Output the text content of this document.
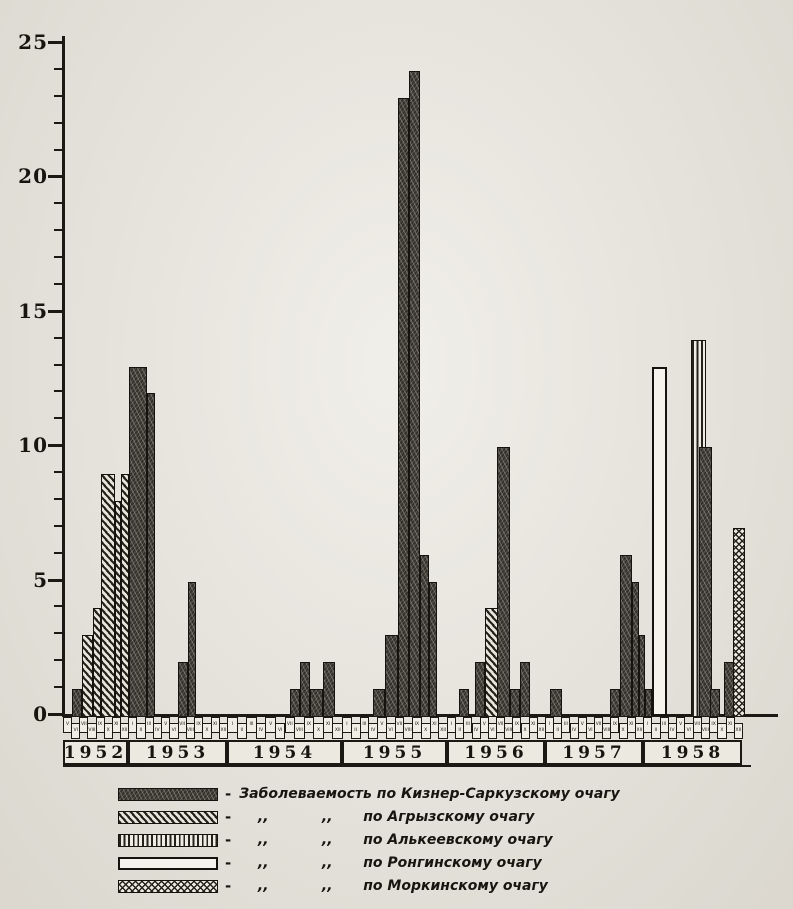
0
5
10
15
20
25
V
VI
VII
VIII
IX
X
XI
XII
1952
I
II
III
IV
V
VI
VII
VIII
IX
X
XI
XII
1953
I
II
III
IV
V
VI
VII
VIII
IX
X
XI
XII
1954
I
II
III
IV
V
VI
VII
VIII
IX
X
XI
XII
1955
I
II
III
IV
V
VI
VII
VIII
IX
X
XI
XII
1956
I
II
III
IV
V
VI
VII
VIII
IX
X
XI
XII
1957
I
II
III
IV
V
VI
VII
VIII
IX
X
XI
XII
1958
- Заболеваемость по Кизнер-Саркузскому очагу
-	,,	,,	по Агрызскому очагу
-	,,	,,	по Алькеевскому очагу
-	,,	,,	по Ронгинскому очагу
-	,,	,,	по Моркинскому очагу
